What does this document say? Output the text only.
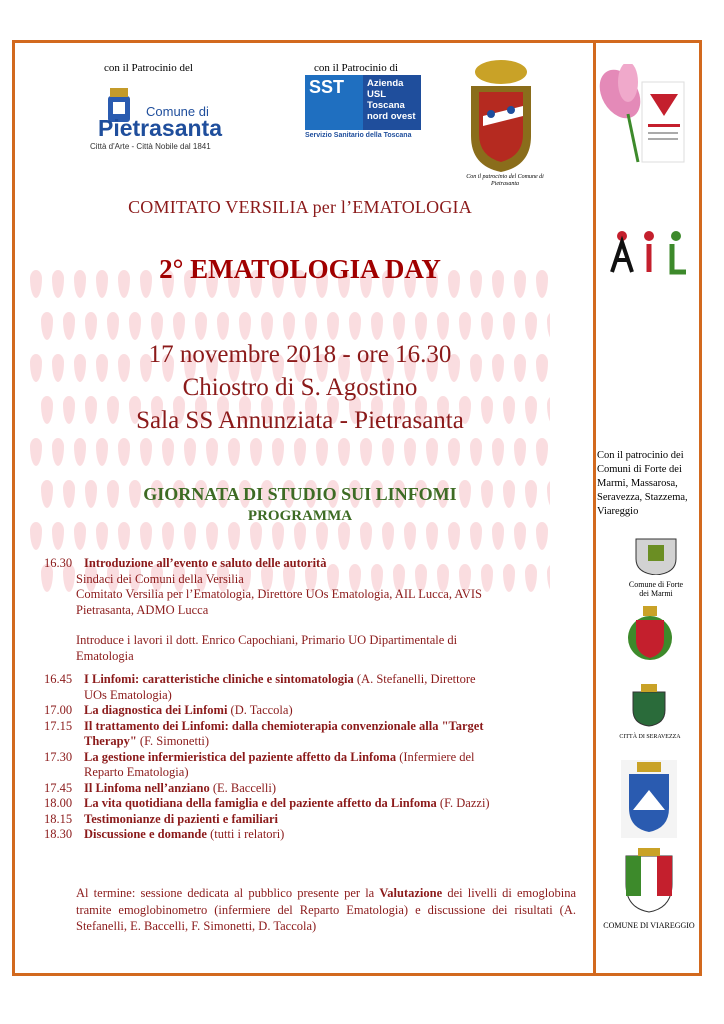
con il Patrocinio del
Comune di
Pietrasanta
Città d'Arte - Città Nobile dal 1841
con il Patrocinio di
SST	Azienda
USL
Toscana
nord ovest
Servizio Sanitario della Toscana
Con il patrocinio del Comune di Pietrasanta
COMITATO VERSILIA per l’EMATOLOGIA
2° EMATOLOGIA DAY
17 novembre 2018 - ore 16.30
Chiostro di S. Agostino
Sala SS Annunziata - Pietrasanta
GIORNATA DI STUDIO SUI LINFOMI
PROGRAMMA
16.30 Introduzione all’evento e saluto delle autorità

Sindaci dei Comuni della Versilia

Comitato Versilia per l’Ematologia, Direttore UOs Ematologia, AIL Lucca, AVIS

Pietrasanta, ADMO Lucca

Introduce i lavori il dott. Enrico Capochiani, Primario UO Dipartimentale di

Ematologia

16.45 I Linfomi: caratteristiche cliniche e sintomatologia (A. Stefanelli, Direttore
UOs Ematologia)
17.00 La diagnostica dei Linfomi (D. Taccola)
17.15 Il trattamento dei Linfomi: dalla chemioterapia convenzionale alla "Target
Therapy" (F. Simonetti)
17.30 La gestione infermieristica del paziente affetto da Linfoma (Infermiere del
Reparto Ematologia)
17.45 Il Linfoma nell’anziano (E. Baccelli)
18.00 La vita quotidiana della famiglia e del paziente affetto da Linfoma (F. Dazzi)
18.15 Testimonianze di pazienti e familiari
18.30 Discussione e domande (tutti i relatori)
Al termine: sessione dedicata al pubblico presente per la Valutazione dei livelli di emoglobina tramite emoglobinometro (infermiere del Reparto Ematologia) e discussione dei risultati (A. Stefanelli, E. Baccelli, F. Simonetti, D. Taccola)
Con il patrocinio dei Comuni di Forte dei Marmi, Massarosa, Seravezza, Stazzema, Viareggio
Comune di Forte dei Marmi
CITTÀ DI SERAVEZZA
COMUNE DI VIAREGGIO
